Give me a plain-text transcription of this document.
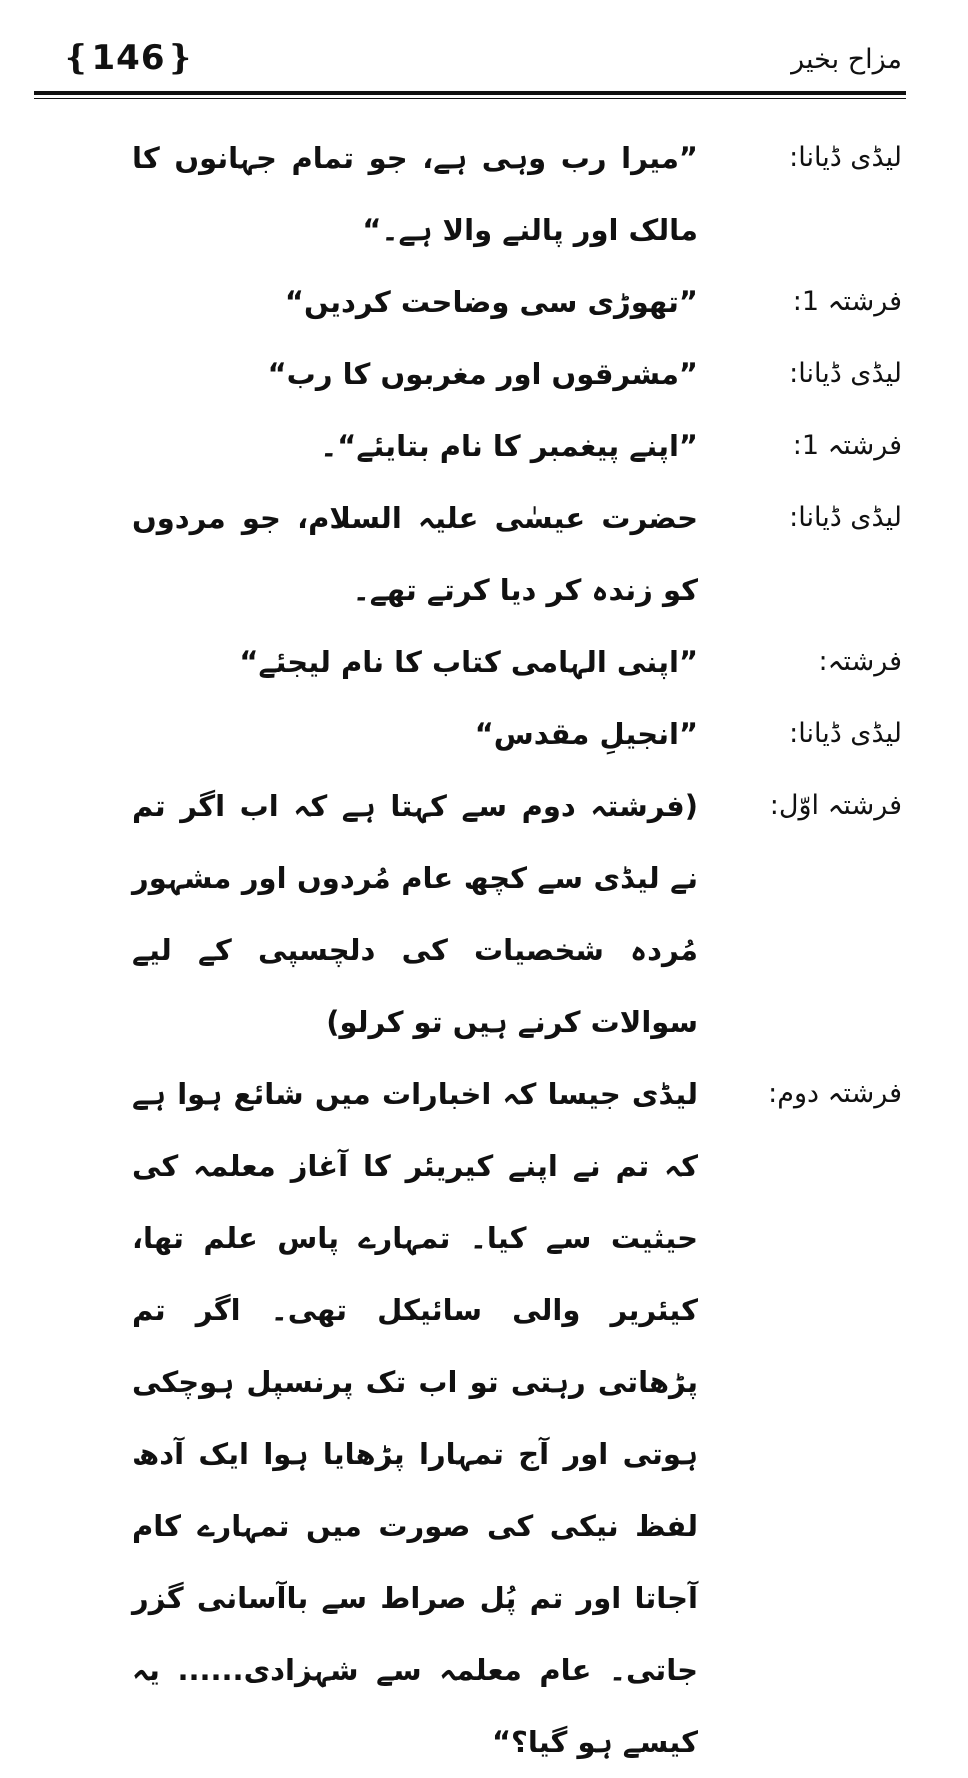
❴146❵	مزاح بخیر
لیڈی ڈیانا:
”میرا رب وہی ہے، جو تمام جہانوں کا مالک اور پالنے والا ہے۔“
فرشتہ 1:
”تھوڑی سی وضاحت کردیں“
لیڈی ڈیانا:
”مشرقوں اور مغربوں کا رب“
فرشتہ 1:
”اپنے پیغمبر کا نام بتایئے“۔
لیڈی ڈیانا:
حضرت عیسٰی علیہ السلام، جو مردوں کو زندہ کر دیا کرتے تھے۔
فرشتہ:
”اپنی الہامی کتاب کا نام لیجئے“
لیڈی ڈیانا:
”انجیلِ مقدس“
فرشتہ اوّل:
(فرشتہ دوم سے کہتا ہے کہ اب اگر تم نے لیڈی سے کچھ عام مُردوں اور مشہور مُردہ شخصیات کی دلچسپی کے لیے سوالات کرنے ہیں تو کرلو)
فرشتہ دوم:
لیڈی جیسا کہ اخبارات میں شائع ہوا ہے کہ تم نے اپنے کیریئر کا آغاز معلمہ کی حیثیت سے کیا۔ تمہارے پاس علم تھا، کیئریر والی سائیکل تھی۔ اگر تم پڑھاتی رہتی تو اب تک پرنسپل ہوچکی ہوتی اور آج تمہارا پڑھایا ہوا ایک آدھ لفظ نیکی کی صورت میں تمہارے کام آجاتا اور تم پُل صراط سے باآسانی گزر جاتی۔ عام معلمہ سے شہزادی...... یہ کیسے ہو گیا؟“
